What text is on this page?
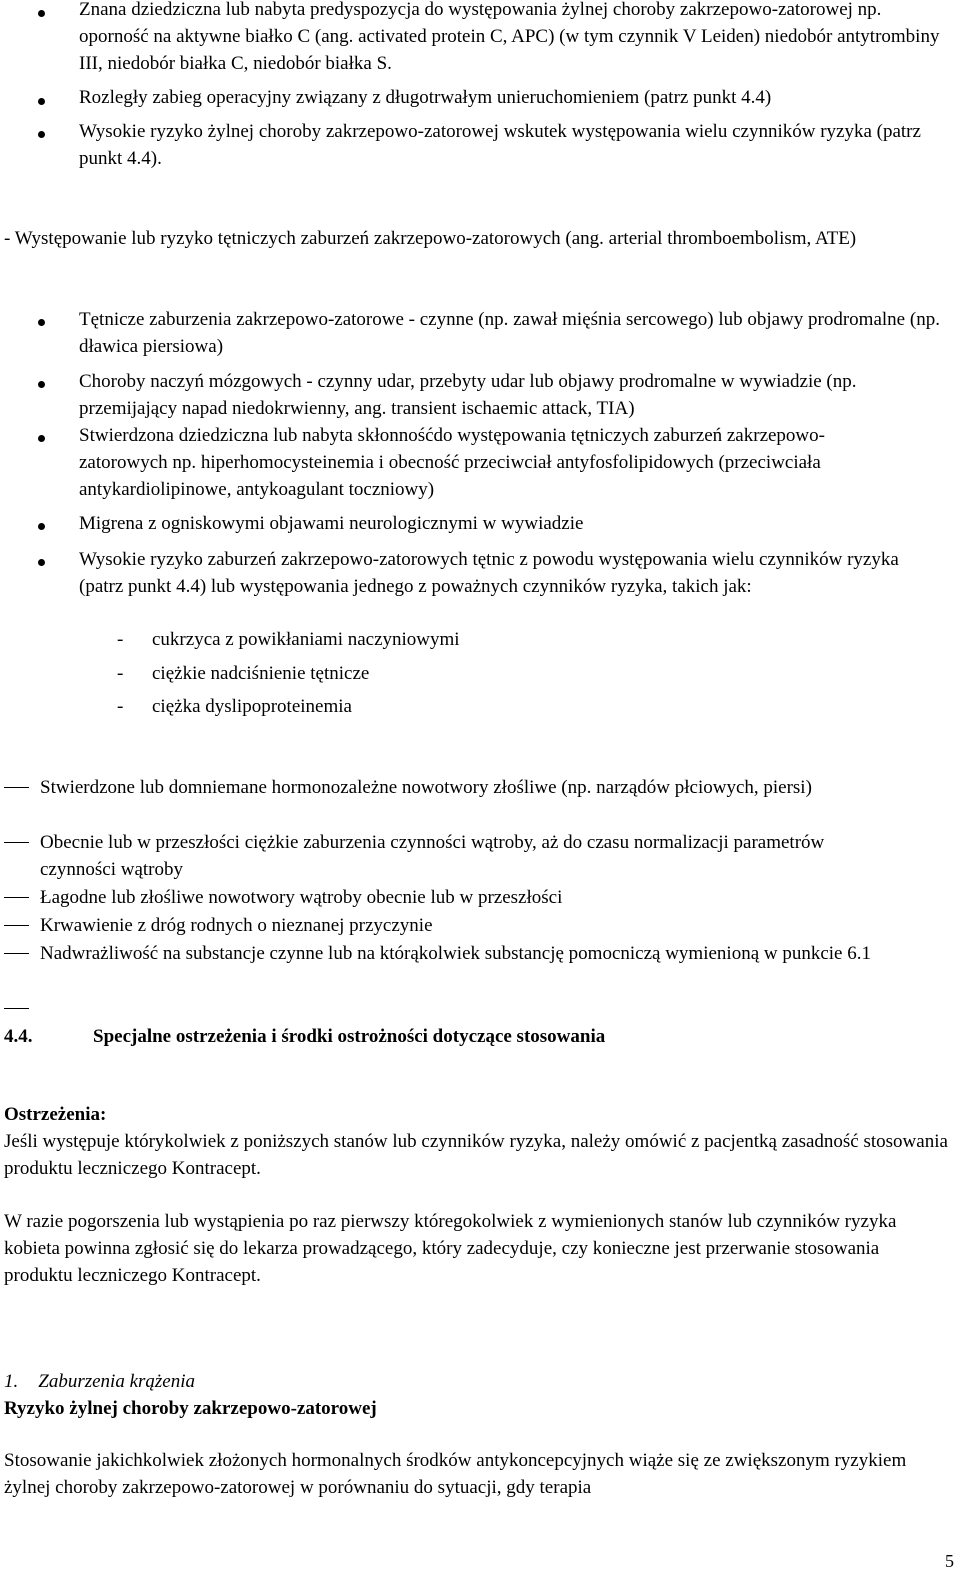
Znana dziedziczna lub nabyta predyspozycja do występowania żylnej choroby zakrzepowo-zatorowej np. oporność na aktywne białko C (ang. activated protein C, APC) (w tym czynnik V Leiden) niedobór antytrombiny III, niedobór białka C, niedobór białka S.
Rozległy zabieg operacyjny związany z długotrwałym unieruchomieniem (patrz punkt 4.4)
Wysokie ryzyko żylnej choroby zakrzepowo-zatorowej wskutek występowania wielu czynników ryzyka (patrz punkt 4.4).
- Występowanie lub ryzyko tętniczych zaburzeń zakrzepowo-zatorowych (ang. arterial thromboembolism, ATE)
Tętnicze zaburzenia zakrzepowo-zatorowe - czynne (np. zawał mięśnia sercowego) lub objawy prodromalne (np. dławica piersiowa)
Choroby naczyń mózgowych - czynny udar, przebyty udar lub objawy prodromalne w wywiadzie (np. przemijający napad niedokrwienny, ang. transient ischaemic attack, TIA)
Stwierdzona dziedziczna lub nabyta skłonnośćdo występowania tętniczych zaburzeń zakrzepowo-zatorowych np. hiperhomocysteinemia i obecność przeciwciał antyfosfolipidowych (przeciwciała antykardiolipinowe, antykoagulant toczniowy)
Migrena z ogniskowymi objawami neurologicznymi w wywiadzie
Wysokie ryzyko zaburzeń zakrzepowo-zatorowych tętnic z powodu występowania wielu czynników ryzyka (patrz punkt 4.4) lub występowania jednego z poważnych czynników ryzyka, takich jak:
- cukrzyca z powikłaniami naczyniowymi
- ciężkie nadciśnienie tętnicze
- ciężka dyslipoproteinemia
Stwierdzone lub domniemane hormonozależne nowotwory złośliwe (np. narządów płciowych, piersi)
Obecnie lub w przeszłości ciężkie zaburzenia czynności wątroby, aż do czasu normalizacji parametrów czynności wątroby
Łagodne lub złośliwe nowotwory wątroby obecnie lub w przeszłości
Krwawienie z dróg rodnych o nieznanej przyczynie
Nadwrażliwość na substancje czynne lub na którąkolwiek substancję pomocniczą wymienioną w punkcie 6.1
4.4.	Specjalne ostrzeżenia i środki ostrożności dotyczące stosowania
Ostrzeżenia:
Jeśli występuje którykolwiek z poniższych stanów lub czynników ryzyka, należy omówić z pacjentką zasadność stosowania produktu leczniczego Kontracept.
W razie pogorszenia lub wystąpienia po raz pierwszy któregokolwiek z wymienionych stanów lub czynników ryzyka kobieta powinna zgłosić się do lekarza prowadzącego, który zadecyduje, czy konieczne jest przerwanie stosowania produktu leczniczego Kontracept.
1. Zaburzenia krążenia
Ryzyko żylnej choroby zakrzepowo-zatorowej
Stosowanie jakichkolwiek złożonych hormonalnych środków antykoncepcyjnych wiąże się ze zwiększonym ryzykiem żylnej choroby zakrzepowo-zatorowej w porównaniu do sytuacji, gdy terapia
5
